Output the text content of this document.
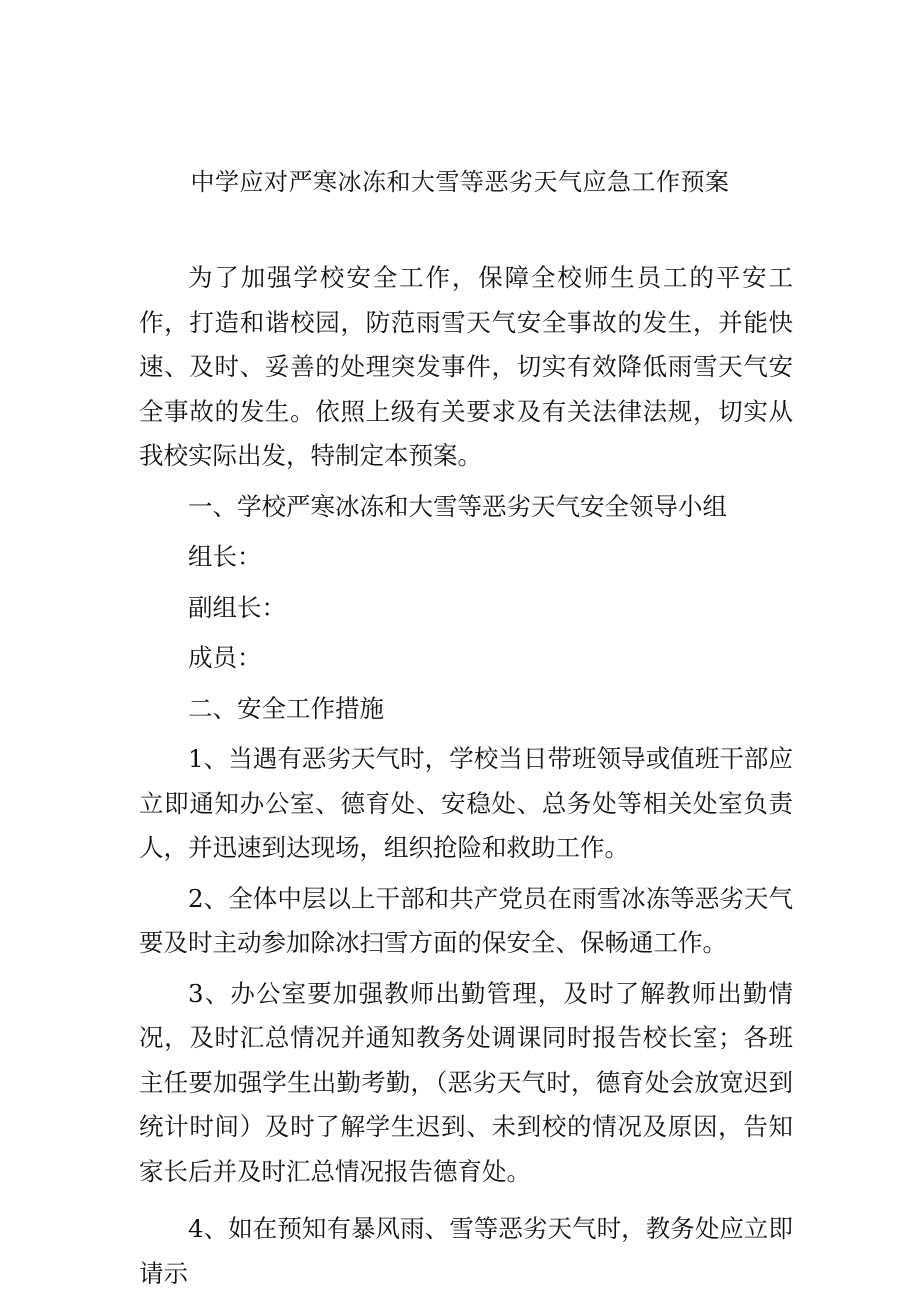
中学应对严寒冰冻和大雪等恶劣天气应急工作预案

为了加强学校安全工作，保障全校师生员工的平安工作，打造和谐校园，防范雨雪天气安全事故的发生，并能快速、及时、妥善的处理突发事件，切实有效降低雨雪天气安全事故的发生。依照上级有关要求及有关法律法规，切实从我校实际出发，特制定本预案。

一、学校严寒冰冻和大雪等恶劣天气安全领导小组

组长：

副组长：

成员：

二、安全工作措施

1、当遇有恶劣天气时，学校当日带班领导或值班干部应立即通知办公室、德育处、安稳处、总务处等相关处室负责人，并迅速到达现场，组织抢险和救助工作。

2、全体中层以上干部和共产党员在雨雪冰冻等恶劣天气要及时主动参加除冰扫雪方面的保安全、保畅通工作。

3、办公室要加强教师出勤管理，及时了解教师出勤情况，及时汇总情况并通知教务处调课同时报告校长室；各班主任要加强学生出勤考勤，（恶劣天气时，德育处会放宽迟到统计时间）及时了解学生迟到、未到校的情况及原因，告知家长后并及时汇总情况报告德育处。

4、如在预知有暴风雨、雪等恶劣天气时，教务处应立即请示
